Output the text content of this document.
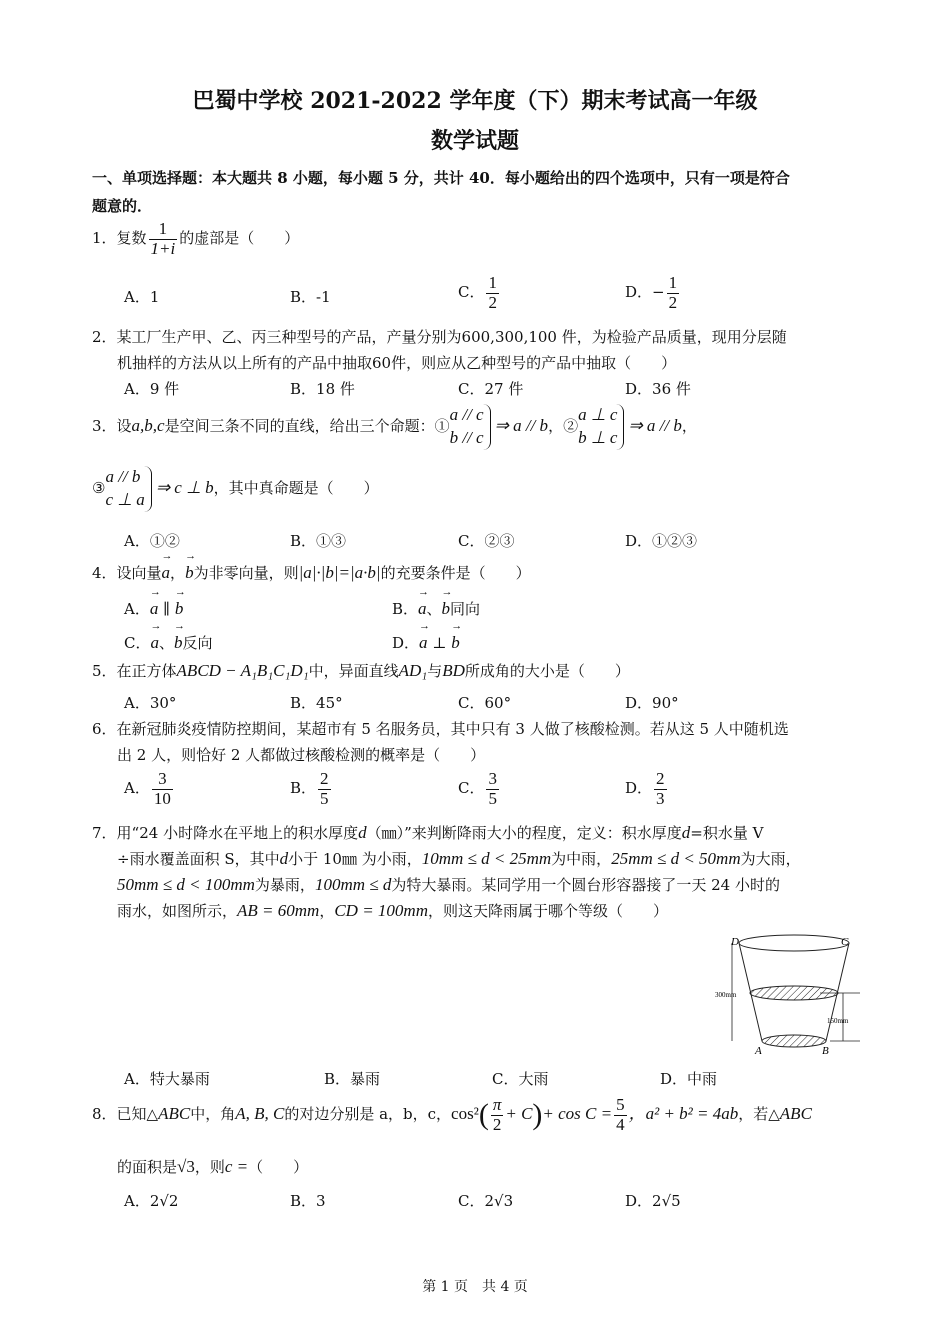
巴蜀中学校 2021-2022 学年度（下）期末考试高一年级
数学试题
一、单项选择题：本大题共 8 小题，每小题 5 分，共计 40．每小题给出的四个选项中，只有一项是符合
题意的．
1．复数 $\frac{1}{1+i}$ 的虚部是（　　）
A．1	B．-1	C． $\frac{1}{2}$	D．− $\frac{1}{2}$
2．某工厂生产甲、乙、丙三种型号的产品，产量分别为600,300,100 件，为检验产品质量，现用分层随
机抽样的方法从以上所有的产品中抽取60件，则应从乙种型号的产品中抽取（　　）
A．9 件	B．18 件	C．27 件	D．36 件
3．设a,b,c是空间三条不同的直线，给出三个命题：①
a // c
b // c
⇒ a // b，②
a ⊥ c
b ⊥ c
⇒ a // b，
③
a // b
c ⊥ a
⇒ c ⊥ b，其中真命题是（　　）
A．①②	B．①③	C．②③	D．①②③
4．设向量→ a，→ b为非零向量，则|a|·|b|=|a·b|的充要条件是（　　）
A．→ a ∥ → b	B．→ a、→ b同向
C．→ a、→ b反向	D．→ a ⊥ → b
5．在正方体ABCD − A₁B₁C₁D₁中，异面直线AD₁与BD所成角的大小是（　　）
A．30°	B．45°	C．60°	D．90°
6．在新冠肺炎疫情防控期间，某超市有 5 名服务员，其中只有 3 人做了核酸检测。若从这 5 人中随机选
出 2 人，则恰好 2 人都做过核酸检测的概率是（　　）
A． $\frac{3}{10}$	B． $\frac{2}{5}$	C． $\frac{3}{5}$	D． $\frac{2}{3}$
7．用“24 小时降水在平地上的积水厚度d（㎜）”来判断降雨大小的程度，定义：积水厚度d=积水量 V
÷雨水覆盖面积 S，其中d小于 10㎜ 为小雨，10mm ≤ d < 25mm为中雨，25mm ≤ d < 50mm为大雨，
50mm ≤ d < 100mm为暴雨，100mm ≤ d为特大暴雨。某同学用一个圆台形容器接了一天 24 小时的
雨水，如图所示，AB = 60mm，CD = 100mm，则这天降雨属于哪个等级（　　）
D	C
A	B
300mm
150mm
A．特大暴雨	B．暴雨	C．大雨	D．中雨
8．已知△ABC中，角A, B, C的对边分别是 a，b，c，$\cos^2( \frac{\pi}{2} + C)+ \cos C = \frac{5}{4}$ ，a² + b² = 4ab，若△ABC
的面积是√3，则c =（　　）
A．2√2	B．3	C．2√3	D．2√5
第 1 页　共 4 页
